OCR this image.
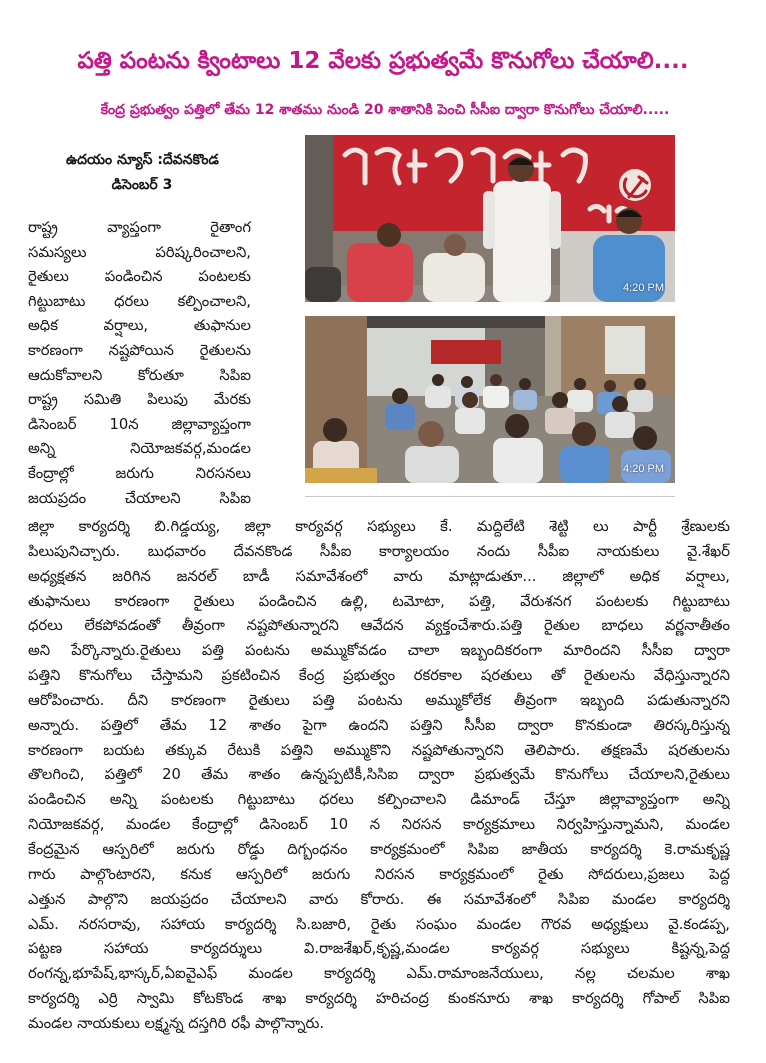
పత్తి పంటను క్వింటాలు 12 వేలకు ప్రభుత్వమే కొనుగోలు చేయాలి....
కేంద్ర ప్రభుత్వం పత్తిలో తేమ 12 శాతము నుండి 20 శాతానికి పెంచి సీసీఐ ద్వారా కొనుగోలు చేయాలి.....
ఉదయం న్యూస్ :దేవనకొండ
డిసెంబర్ 3
4:20 PM
4:20 PM
రాష్ట్ర వ్యాప్తంగా రైతాంగ
సమస్యలు పరిష్కరించాలని,
రైతులు పండించిన పంటలకు
గిట్టుబాటు ధరలు కల్పించాలని,
అధిక వర్షాలు, తుఫానుల
కారణంగా నష్టపోయిన రైతులను
ఆదుకోవాలని కోరుతూ సిపిఐ
రాష్ట్ర సమితి పిలుపు మేరకు
డిసెంబర్ 10న జిల్లావ్యాప్తంగా
అన్ని నియోజకవర్గ,మండల
కేంద్రాల్లో జరుగు నిరసనలు
జయప్రదం చేయాలని సిపిఐ
జిల్లా కార్యదర్శి బి.గిడ్డయ్య, జిల్లా కార్యవర్గ సభ్యులు కే. మద్దిలేటి శెట్టి లు పార్టీ శ్రేణులకు
పిలుపునిచ్చారు. బుధవారం దేవనకొండ సీపీఐ కార్యాలయం నందు సీపీఐ నాయకులు వై.శేఖర్
అధ్యక్షతన జరిగిన జనరల్ బాడీ సమావేశంలో వారు మాట్లాడుతూ... జిల్లాలో అధిక వర్షాలు,
తుఫానులు కారణంగా రైతులు పండించిన ఉల్లి, టమోటా, పత్తి, వేరుశనగ పంటలకు గిట్టుబాటు
ధరలు లేకపోవడంతో తీవ్రంగా నష్టపోతున్నారని ఆవేదన వ్యక్తంచేశారు.పత్తి రైతుల బాధలు వర్ణనాతీతం
అని పేర్కొన్నారు.రైతులు పత్తి పంటను అమ్ముకోవడం చాలా ఇబ్బందికరంగా మారిందని సీసీఐ ద్వారా
పత్తిని కొనుగోలు చేస్తామని ప్రకటించిన కేంద్ర ప్రభుత్వం రకరకాల షరతులు తో రైతులను వేధిస్తున్నారని
ఆరోపించారు. దీని కారణంగా రైతులు పత్తి పంటను అమ్ముకోలేక తీవ్రంగా ఇబ్బంది పడుతున్నారని
అన్నారు. పత్తిలో తేమ 12 శాతం పైగా ఉందని పత్తిని సీసీఐ ద్వారా కొనకుండా తిరస్కరిస్తున్న
కారణంగా బయట తక్కువ రేటుకి పత్తిని అమ్ముకొని నష్టపోతున్నారని తెలిపారు. తక్షణమే షరతులను
తొలగించి, పత్తిలో 20 తేమ శాతం ఉన్నప్పటికీ,సిసిఐ ద్వారా ప్రభుత్వమే కొనుగోలు చేయాలని,రైతులు
పండించిన అన్ని పంటలకు గిట్టుబాటు ధరలు కల్పించాలని డిమాండ్ చేస్తూ జిల్లావ్యాప్తంగా అన్ని
నియోజకవర్గ, మండల కేంద్రాల్లో డిసెంబర్ 10 న నిరసన కార్యక్రమాలు నిర్వహిస్తున్నామని, మండల
కేంద్రమైన ఆస్పరిలో జరుగు రోడ్డు దిగ్బంధనం కార్యక్రమంలో సిపిఐ జాతీయ కార్యదర్శి కె.రామకృష్ణ
గారు పాల్గొంటారని, కనుక ఆస్పరిలో జరుగు నిరసన కార్యక్రమంలో రైతు సోదరులు,ప్రజలు పెద్ద
ఎత్తున పాల్గొని జయప్రదం చేయాలని వారు కోరారు. ఈ సమావేశంలో సిపిఐ మండల కార్యదర్శి
ఎమ్. నరసరావు, సహాయ కార్యదర్శి సి.బజారి, రైతు సంఘం మండల గౌరవ అధ్యక్షులు వై.కండప్ప,
పట్టణ సహాయ కార్యదర్శులు వి.రాజశేఖర్,కృష్ణ,మండల కార్యవర్గ సభ్యులు కిష్టన్న,పెద్ద
రంగన్న,భూపేష్,భాస్కర్,ఏఐవైఎఫ్ మండల కార్యదర్శి ఎమ్.రామాంజనేయులు, నల్ల చలమల శాఖ
కార్యదర్శి ఎర్రి స్వామి కోటకొండ శాఖ కార్యదర్శి హరిచంద్ర కుంకనూరు శాఖ కార్యదర్శి గోపాల్ సిపిఐ
మండల నాయకులు లక్ష్మన్న దస్తగిరి రఫీ పాల్గొన్నారు.
